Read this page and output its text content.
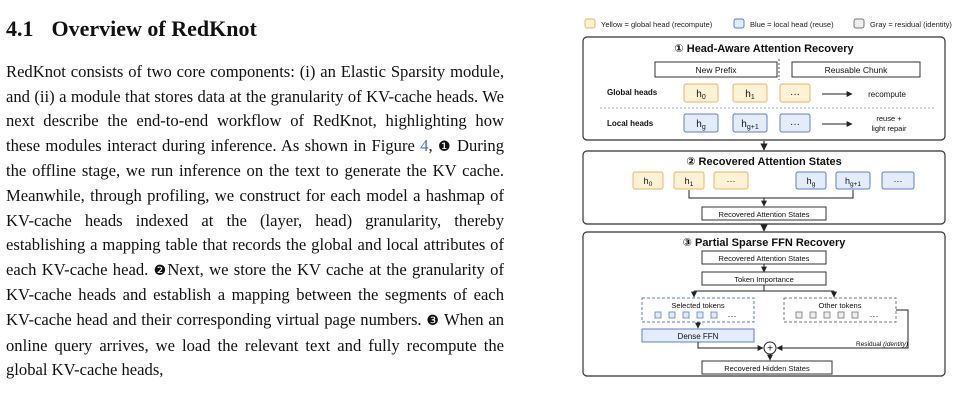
4.1 Overview of RedKnot
RedKnot consists of two core components: (i) an Elastic Sparsity module, and (ii) a module that stores data at the granularity of KV-cache heads. We next describe the end-to-end workflow of RedKnot, highlighting how these modules interact during inference. As shown in Figure 4, ❶ During the offline stage, we run inference on the text to generate the KV cache. Meanwhile, through profiling, we construct for each model a hashmap of KV-cache heads indexed at the (layer, head) granularity, thereby establishing a mapping table that records the global and local attributes of each KV-cache head. ❷Next, we store the KV cache at the granularity of KV-cache heads and establish a mapping between the segments of each KV-cache head and their corresponding virtual page numbers. ❸ When an online query arrives, we load the relevant text and fully recompute the global KV-cache heads,
Yellow = global head (recompute)	Blue = local head (reuse)	Gray = residual (identity)
① Head-Aware Attention Recovery
New Prefix	Reusable Chunk
Global heads	$h_0$	$h_1$	···	recompute
Local heads	$h_g$	$h_{g+1}$	···
reuse +
light repair
② Recovered Attention States
$h_0$	$h_1$	···	$h_g$	$h_{g+1}$	···
Recovered Attention States
③ Partial Sparse FFN Recovery
Recovered Attention States
Token Importance
Selected tokens
···
Other tokens
···
Dense FFN
Residual (identity)
+
Recovered Hidden States
